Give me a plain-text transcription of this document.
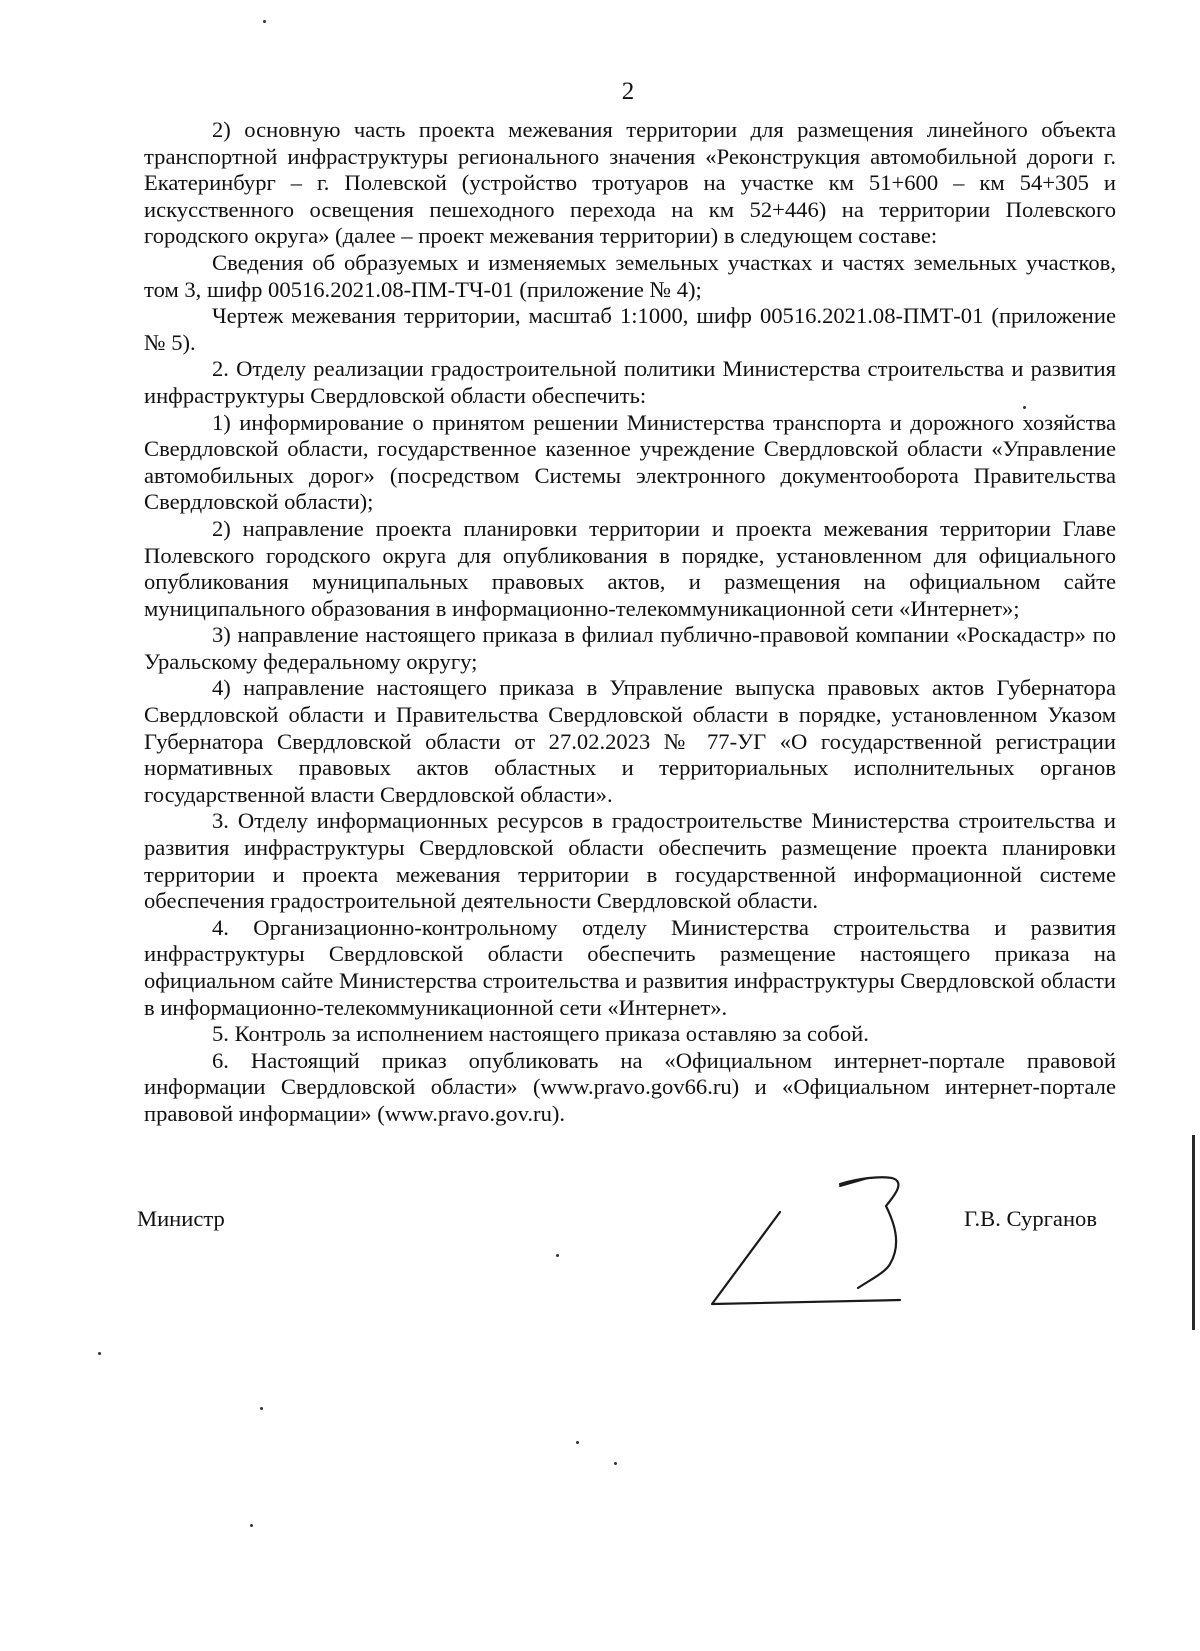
2

2) основную часть проекта межевания территории для размещения линейного объекта транспортной инфраструктуры регионального значения «Реконструкция автомобильной дороги г. Екатеринбург – г. Полевской (устройство тротуаров на участке км 51+600 – км 54+305 и искусственного освещения пешеходного перехода на км 52+446) на территории Полевского городского округа» (далее – проект межевания территории) в следующем составе:

Сведения об образуемых и изменяемых земельных участках и частях земельных участков, том 3, шифр 00516.2021.08-ПМ-ТЧ-01 (приложение № 4);

Чертеж межевания территории, масштаб 1:1000, шифр 00516.2021.08-ПМТ-01 (приложение № 5).

2. Отделу реализации градостроительной политики Министерства строительства и развития инфраструктуры Свердловской области обеспечить:

1) информирование о принятом решении Министерства транспорта и дорожного хозяйства Свердловской области, государственное казенное учреждение Свердловской области «Управление автомобильных дорог» (посредством Системы электронного документооборота Правительства Свердловской области);

2) направление проекта планировки территории и проекта межевания территории Главе Полевского городского округа для опубликования в порядке, установленном для официального опубликования муниципальных правовых актов, и размещения на официальном сайте муниципального образования в информационно-телекоммуникационной сети «Интернет»;

3) направление настоящего приказа в филиал публично-правовой компании «Роскадастр» по Уральскому федеральному округу;

4) направление настоящего приказа в Управление выпуска правовых актов Губернатора Свердловской области и Правительства Свердловской области в порядке, установленном Указом Губернатора Свердловской области от 27.02.2023 № 77-УГ «О государственной регистрации нормативных правовых актов областных и территориальных исполнительных органов государственной власти Свердловской области».

3. Отделу информационных ресурсов в градостроительстве Министерства строительства и развития инфраструктуры Свердловской области обеспечить размещение проекта планировки территории и проекта межевания территории в государственной информационной системе обеспечения градостроительной деятельности Свердловской области.

4. Организационно-контрольному отделу Министерства строительства и развития инфраструктуры Свердловской области обеспечить размещение настоящего приказа на официальном сайте Министерства строительства и развития инфраструктуры Свердловской области в информационно-телекоммуникационной сети «Интернет».

5. Контроль за исполнением настоящего приказа оставляю за собой.

6. Настоящий приказ опубликовать на «Официальном интернет-портале правовой информации Свердловской области» (www.pravo.gov66.ru) и «Официальном интернет-портале правовой информации» (www.pravo.gov.ru).

Министр	Г.В. Сурганов
